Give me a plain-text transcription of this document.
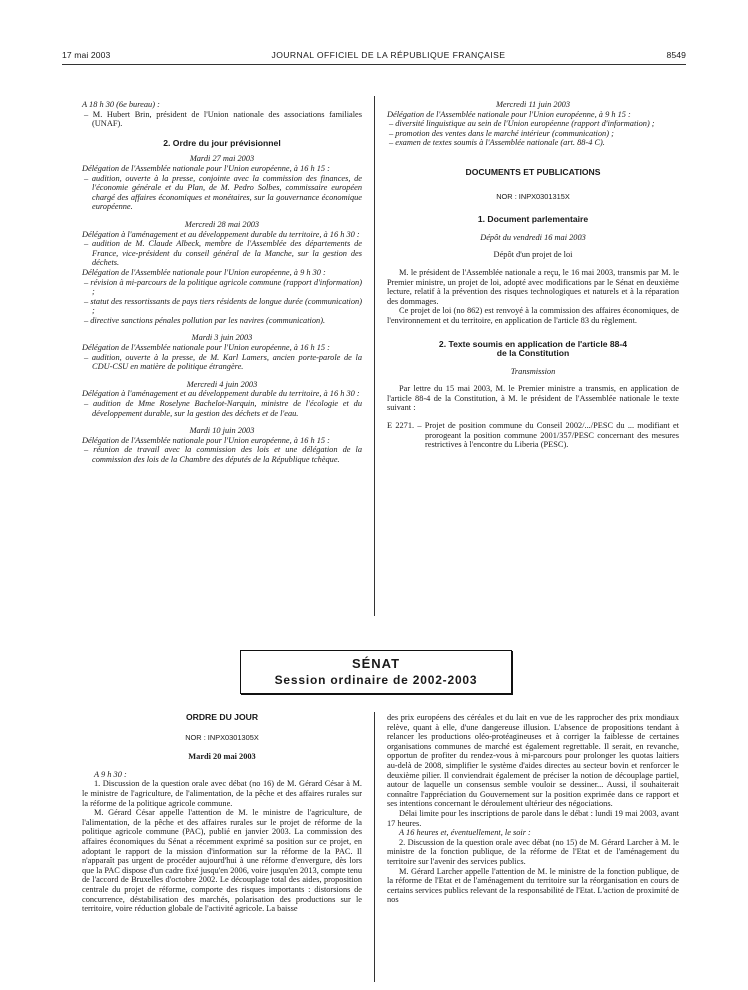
17 mai 2003	JOURNAL OFFICIEL DE LA RÉPUBLIQUE FRANÇAISE	8549

A 18 h 30 (6e bureau) :

– M. Hubert Brin, président de l'Union nationale des associations familiales (UNAF).

2. Ordre du jour prévisionnel

Mardi 27 mai 2003

Délégation de l'Assemblée nationale pour l'Union européenne, à 16 h 15 :

– audition, ouverte à la presse, conjointe avec la commission des finances, de l'économie générale et du Plan, de M. Pedro Solbes, commissaire européen chargé des affaires économiques et monétaires, sur la gouvernance économique européenne.

Mercredi 28 mai 2003

Délégation à l'aménagement et au développement durable du territoire, à 16 h 30 :

– audition de M. Claude Albeck, membre de l'Assemblée des départements de France, vice-président du conseil général de la Manche, sur la gestion des déchets.

Délégation de l'Assemblée nationale pour l'Union européenne, à 9 h 30 :

– révision à mi-parcours de la politique agricole commune (rapport d'information) ;

– statut des ressortissants de pays tiers résidents de longue durée (communication) ;

– directive sanctions pénales pollution par les navires (communication).

Mardi 3 juin 2003

Délégation de l'Assemblée nationale pour l'Union européenne, à 16 h 15 :

– audition, ouverte à la presse, de M. Karl Lamers, ancien porte-parole de la CDU-CSU en matière de politique étrangère.

Mercredi 4 juin 2003

Délégation à l'aménagement et au développement durable du territoire, à 16 h 30 :

– audition de Mme Roselyne Bachelot-Narquin, ministre de l'écologie et du développement durable, sur la gestion des déchets et de l'eau.

Mardi 10 juin 2003

Délégation de l'Assemblée nationale pour l'Union européenne, à 16 h 15 :

– réunion de travail avec la commission des lois et une délégation de la commission des lois de la Chambre des députés de la République tchèque.

Mercredi 11 juin 2003

Délégation de l'Assemblée nationale pour l'Union européenne, à 9 h 15 :

– diversité linguistique au sein de l'Union européenne (rapport d'information) ;

– promotion des ventes dans le marché intérieur (communication) ;

– examen de textes soumis à l'Assemblée nationale (art. 88-4 C).

DOCUMENTS ET PUBLICATIONS

NOR : INPX0301315X

1. Document parlementaire

Dépôt du vendredi 16 mai 2003

Dépôt d'un projet de loi

M. le président de l'Assemblée nationale a reçu, le 16 mai 2003, transmis par M. le Premier ministre, un projet de loi, adopté avec modifications par le Sénat en deuxième lecture, relatif à la prévention des risques technologiques et naturels et à la réparation des dommages.

Ce projet de loi (no 862) est renvoyé à la commission des affaires économiques, de l'environnement et du territoire, en application de l'article 83 du règlement.

2. Texte soumis en application de l'article 88-4

de la Constitution

Transmission

Par lettre du 15 mai 2003, M. le Premier ministre a transmis, en application de l'article 88-4 de la Constitution, à M. le président de l'Assemblée nationale le texte suivant :

E 2271. – Projet de position commune du Conseil 2002/.../PESC du ... modifiant et prorogeant la position commune 2001/357/PESC concernant des mesures restrictives à l'encontre du Liberia (PESC).

SÉNAT
Session ordinaire de 2002-2003

ORDRE DU JOUR

NOR : INPX0301305X

Mardi 20 mai 2003

A 9 h 30 :

1. Discussion de la question orale avec débat (no 16) de M. Gérard César à M. le ministre de l'agriculture, de l'alimentation, de la pêche et des affaires rurales sur la réforme de la politique agricole commune.

M. Gérard César appelle l'attention de M. le ministre de l'agriculture, de l'alimentation, de la pêche et des affaires rurales sur le projet de réforme de la politique agricole commune (PAC), publié en janvier 2003. La commission des affaires économiques du Sénat a récemment exprimé sa position sur ce projet, en adoptant le rapport de la mission d'information sur la réforme de la PAC. Il n'apparaît pas urgent de procéder aujourd'hui à une réforme d'envergure, dès lors que la PAC dispose d'un cadre fixé jusqu'en 2006, voire jusqu'en 2013, compte tenu de l'accord de Bruxelles d'octobre 2002. Le découplage total des aides, proposition centrale du projet de réforme, comporte des risques importants : distorsions de concurrence, déstabilisation des marchés, polarisation des productions sur le territoire, voire réduction globale de l'activité agricole. La baisse

des prix européens des céréales et du lait en vue de les rapprocher des prix mondiaux relève, quant à elle, d'une dangereuse illusion. L'absence de propositions tendant à relancer les productions oléo-protéagineuses et à corriger la faiblesse de certaines organisations communes de marché est également regrettable. Il serait, en revanche, opportun de profiter du rendez-vous à mi-parcours pour prolonger les quotas laitiers au-delà de 2008, simplifier le système d'aides directes au secteur bovin et renforcer le deuxième pilier. Il conviendrait également de préciser la notion de découplage partiel, autour de laquelle un consensus semble vouloir se dessiner... Aussi, il souhaiterait connaître l'appréciation du Gouvernement sur la position exprimée dans ce rapport et ses intentions concernant le déroulement ultérieur des négociations.

Délai limite pour les inscriptions de parole dans le débat : lundi 19 mai 2003, avant 17 heures.

A 16 heures et, éventuellement, le soir :

2. Discussion de la question orale avec débat (no 15) de M. Gérard Larcher à M. le ministre de la fonction publique, de la réforme de l'Etat et de l'aménagement du territoire sur l'avenir des services publics.

M. Gérard Larcher appelle l'attention de M. le ministre de la fonction publique, de la réforme de l'Etat et de l'aménagement du territoire sur la réorganisation en cours de certains services publics relevant de la responsabilité de l'Etat. L'action de proximité de nos
